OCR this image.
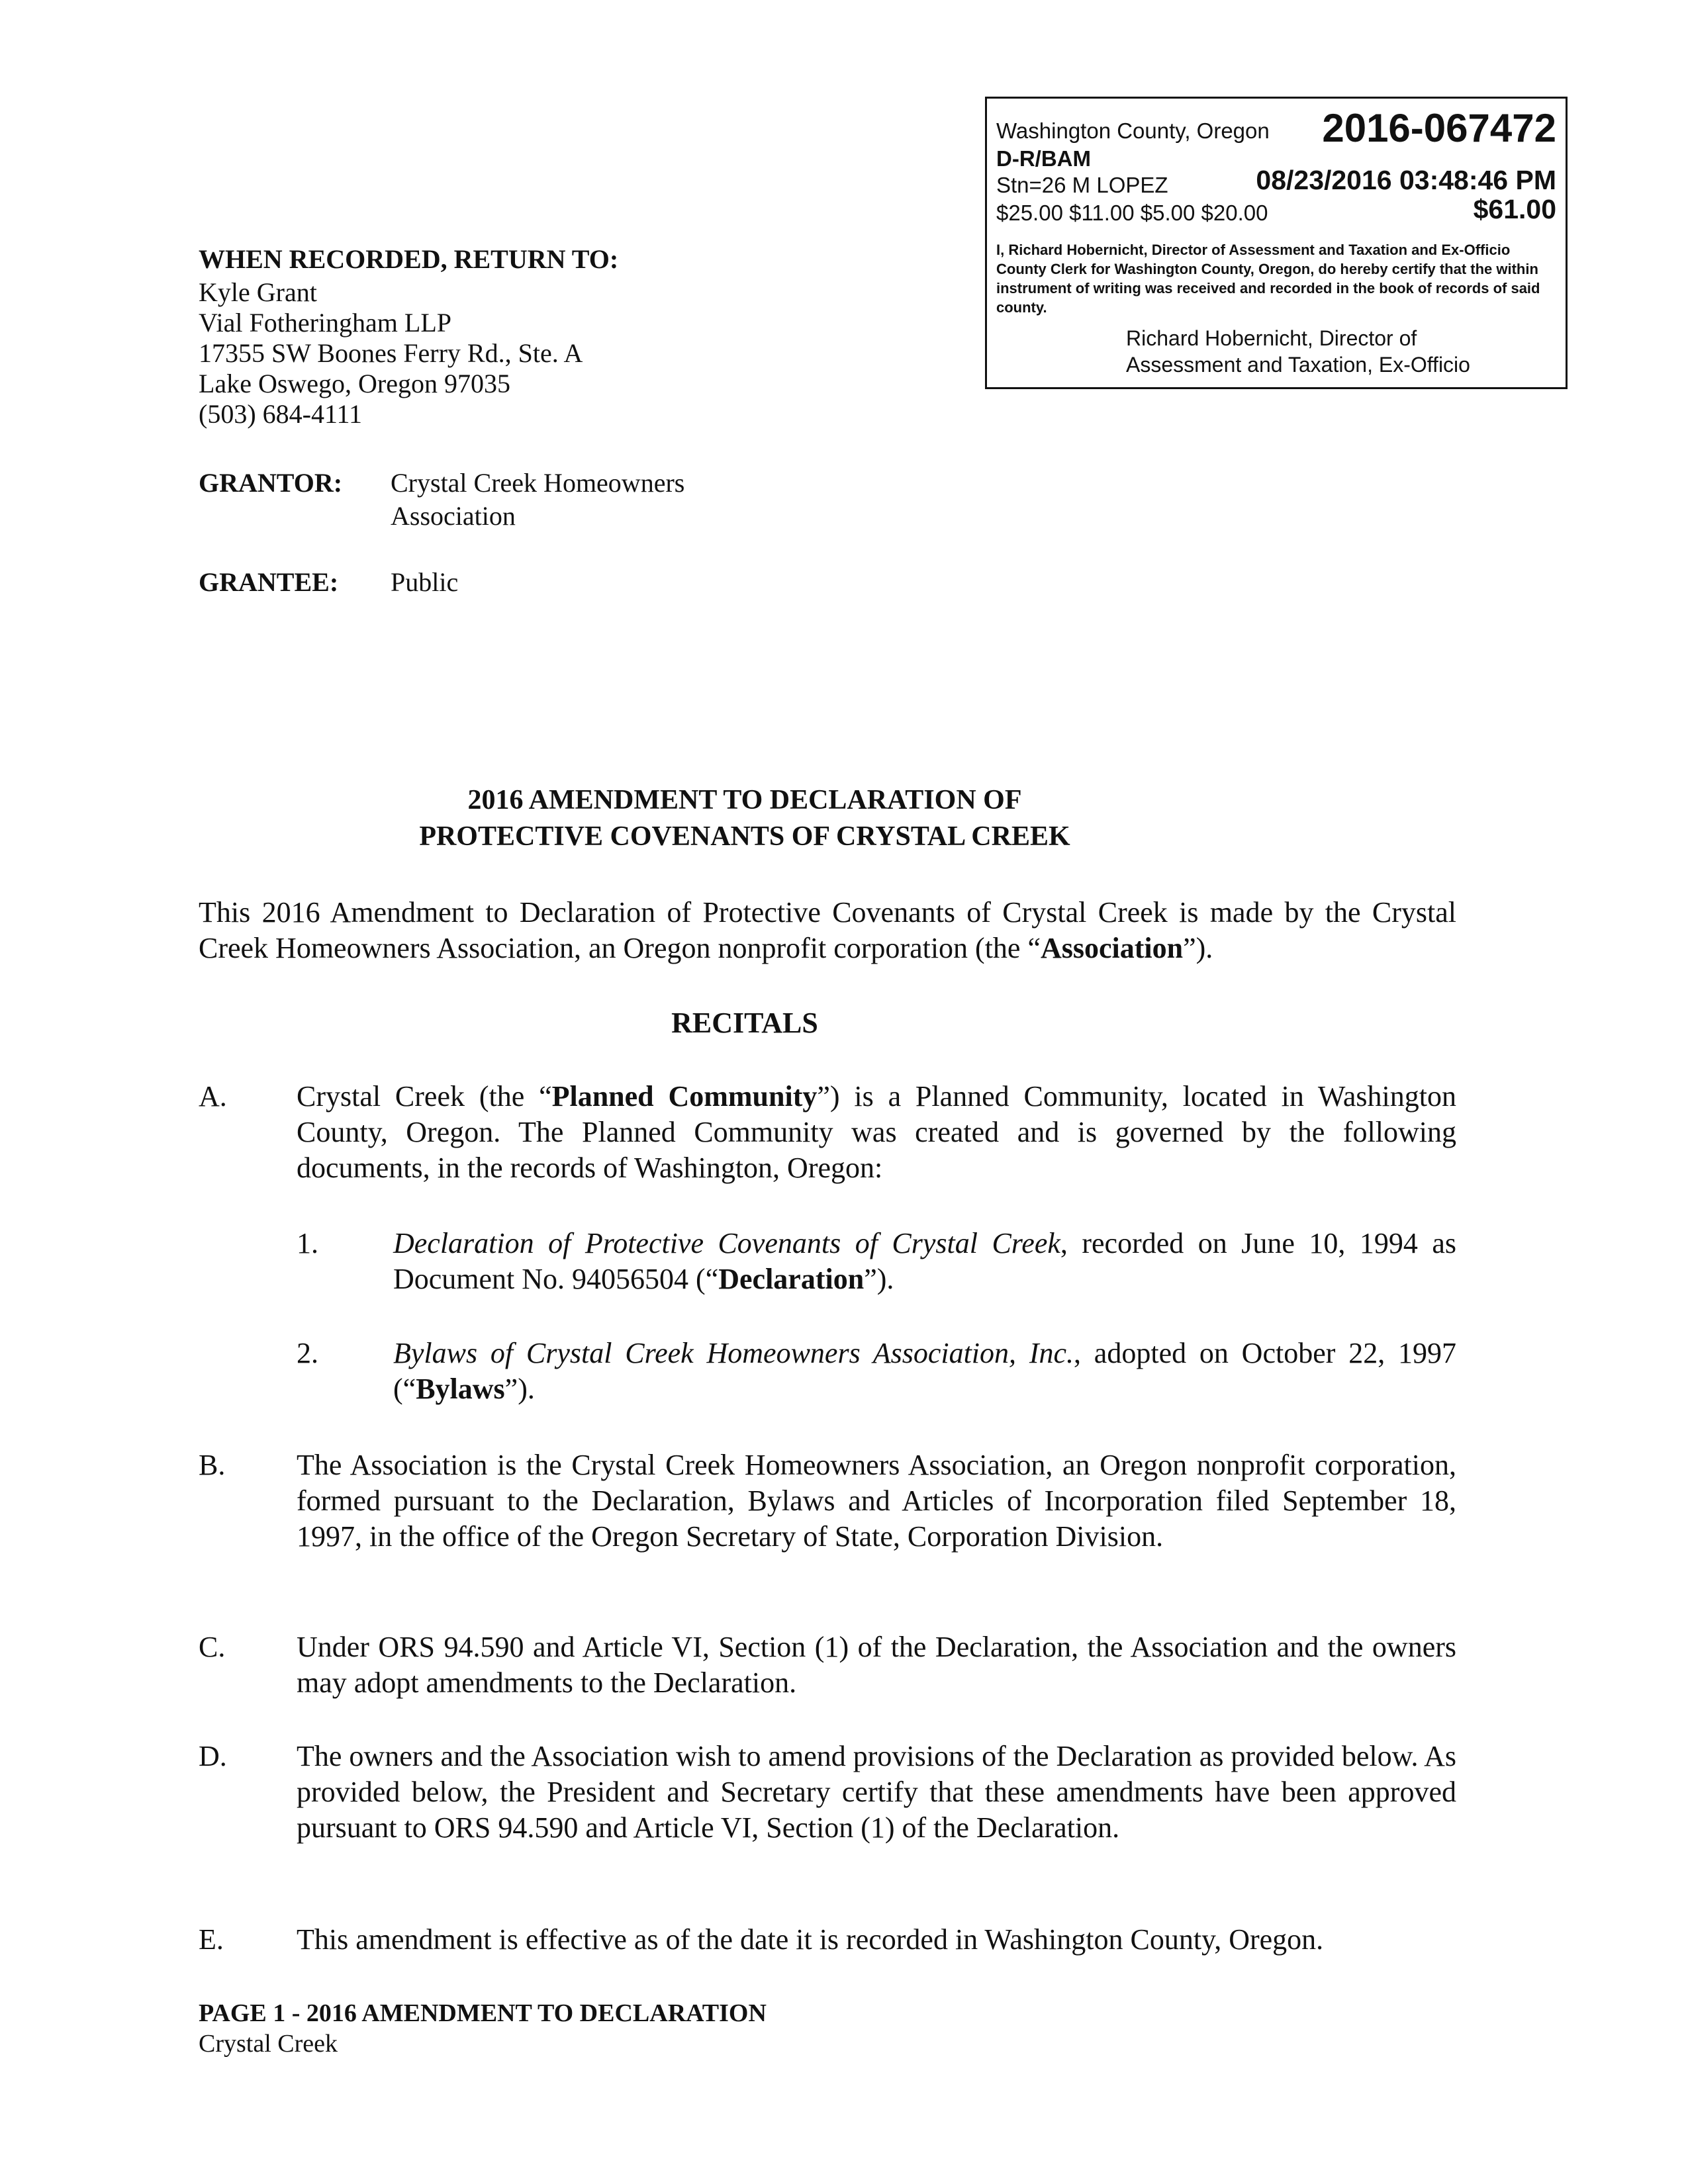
Washington County, Oregon 2016-067472
D-R/BAM
Stn=26 M LOPEZ	08/23/2016 03:48:46 PM
$25.00 $11.00 $5.00 $20.00	$61.00
I, Richard Hobernicht, Director of Assessment and Taxation and Ex-Officio County Clerk for Washington County, Oregon, do hereby certify that the within instrument of writing was received and recorded in the book of records of said county.
Richard Hobernicht, Director of
Assessment and Taxation, Ex-Officio
WHEN RECORDED, RETURN TO:
Kyle Grant
Vial Fotheringham LLP
17355 SW Boones Ferry Rd., Ste. A
Lake Oswego, Oregon 97035
(503) 684-4111
GRANTOR: Crystal Creek Homeowners
Association
GRANTEE: Public
2016 AMENDMENT TO DECLARATION OF
PROTECTIVE COVENANTS OF CRYSTAL CREEK
This 2016 Amendment to Declaration of Protective Covenants of Crystal Creek is made by the Crystal Creek Homeowners Association, an Oregon nonprofit corporation (the “Association”).
RECITALS
A. Crystal Creek (the “Planned Community”) is a Planned Community, located in Washington County, Oregon. The Planned Community was created and is governed by the following documents, in the records of Washington, Oregon:
1.	Declaration of Protective Covenants of Crystal Creek, recorded on June 10, 1994 as Document No. 94056504 (“Declaration”).
2.	Bylaws of Crystal Creek Homeowners Association, Inc., adopted on October 22, 1997 (“Bylaws”).
B. The Association is the Crystal Creek Homeowners Association, an Oregon nonprofit corporation, formed pursuant to the Declaration, Bylaws and Articles of Incorporation filed September 18, 1997, in the office of the Oregon Secretary of State, Corporation Division.
C. Under ORS 94.590 and Article VI, Section (1) of the Declaration, the Association and the owners may adopt amendments to the Declaration.
D. The owners and the Association wish to amend provisions of the Declaration as provided below. As provided below, the President and Secretary certify that these amendments have been approved pursuant to ORS 94.590 and Article VI, Section (1) of the Declaration.
E.	This amendment is effective as of the date it is recorded in Washington County, Oregon.
PAGE 1 - 2016 AMENDMENT TO DECLARATION
Crystal Creek
